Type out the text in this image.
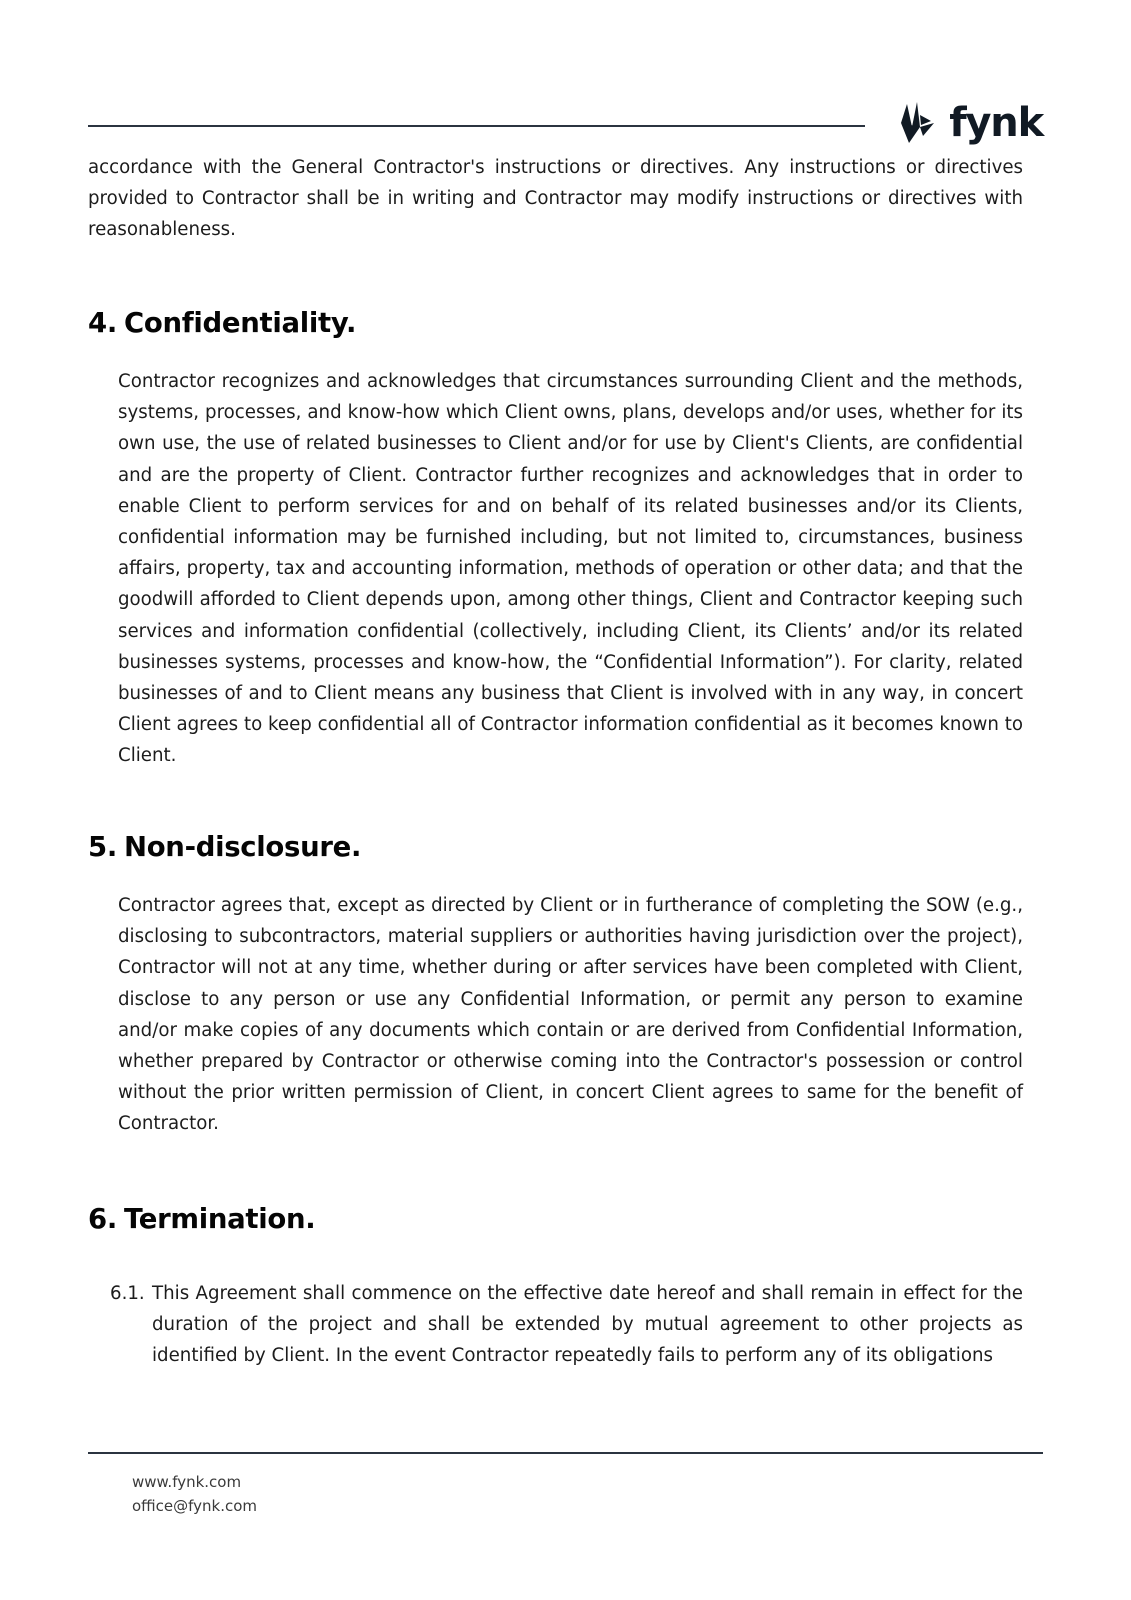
fynk

accordance with the General Contractor's instructions or directives. Any instructions or directives provided to Contractor shall be in writing and Contractor may modify instructions or directives with reasonableness.

4. Confidentiality.

Contractor recognizes and acknowledges that circumstances surrounding Client and the methods, systems, processes, and know-how which Client owns, plans, develops and/or uses, whether for its own use, the use of related businesses to Client and/or for use by Client's Clients, are confidential and are the property of Client. Contractor further recognizes and acknowledges that in order to enable Client to perform services for and on behalf of its related businesses and/or its Clients, confidential information may be furnished including, but not limited to, circumstances, business affairs, property, tax and accounting information, methods of operation or other data; and that the goodwill afforded to Client depends upon, among other things, Client and Contractor keeping such services and information confidential (collectively, including Client, its Clients’ and/or its related businesses systems, processes and know-how, the “Confidential Information”). For clarity, related businesses of and to Client means any business that Client is involved with in any way, in concert Client agrees to keep confidential all of Contractor information confidential as it becomes known to Client.

5. Non-disclosure.

Contractor agrees that, except as directed by Client or in furtherance of completing the SOW (e.g., disclosing to subcontractors, material suppliers or authorities having jurisdiction over the project), Contractor will not at any time, whether during or after services have been completed with Client, disclose to any person or use any Confidential Information, or permit any person to examine and/or make copies of any documents which contain or are derived from Confidential Information, whether prepared by Contractor or otherwise coming into the Contractor's possession or control without the prior written permission of Client, in concert Client agrees to same for the benefit of Contractor.

6. Termination.
6.1. This Agreement shall commence on the effective date hereof and shall remain in effect for the duration of the project and shall be extended by mutual agreement to other projects as identified by Client. In the event Contractor repeatedly fails to perform any of its obligations
www.fynk.com
office@fynk.com
